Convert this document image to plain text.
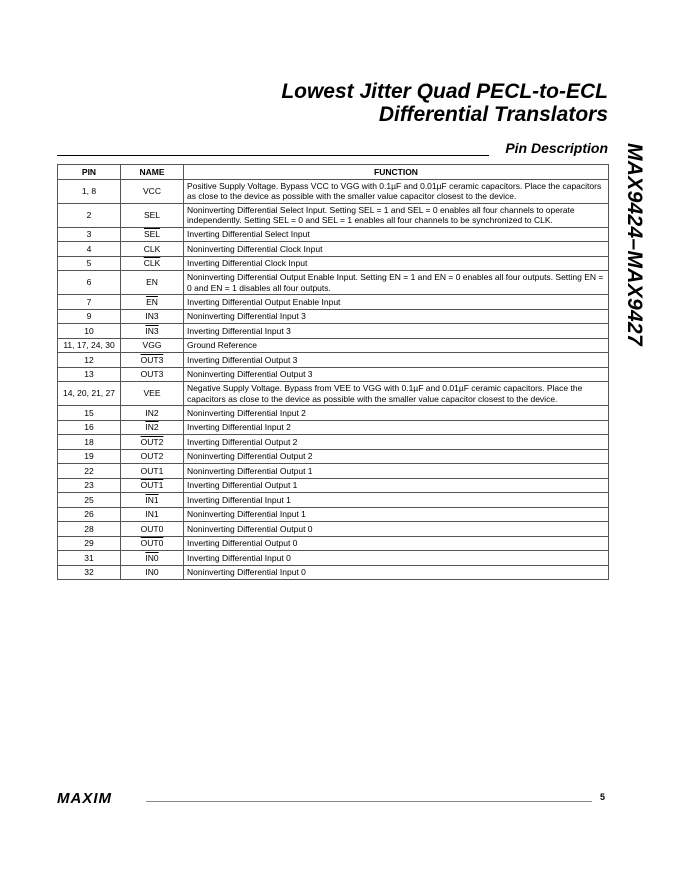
Lowest Jitter Quad PECL-to-ECL
Differential Translators
Pin Description MAX9424–MAX9427
PIN	NAME	FUNCTION
1, 8	VCC	Positive Supply Voltage. Bypass VCC to VGG with 0.1µF and 0.01µF ceramic capacitors. Place the capacitors as close to the device as possible with the smaller value capacitor closest to the device.
2	SEL	Noninverting Differential Select Input. Setting SEL = 1 and SEL = 0 enables all four channels to operate independently. Setting SEL = 0 and SEL = 1 enables all four channels to be synchronized to CLK.
3	$\overline{SEL}$	Inverting Differential Select Input
4	CLK	Noninverting Differential Clock Input
5	$\overline{CLK}$	Inverting Differential Clock Input
6	EN	Noninverting Differential Output Enable Input. Setting EN = 1 and EN = 0 enables all four outputs. Setting EN = 0 and EN = 1 disables all four outputs.
7	$\overline{EN}$	Inverting Differential Output Enable Input
9	IN3	Noninverting Differential Input 3
10	IN3	Inverting Differential Input 3
11, 17, 24, 30	VGG	Ground Reference
12	OUT3	Inverting Differential Output 3
13	OUT3	Noninverting Differential Output 3
14, 20, 21, 27	VEE	Negative Supply Voltage. Bypass from VEE to VGG with 0.1µF and 0.01µF ceramic capacitors. Place the capacitors as close to the device as possible with the smaller value capacitor closest to the device.
15	IN2	Noninverting Differential Input 2
16	IN2	Inverting Differential Input 2
18	OUT2	Inverting Differential Output 2
19	OUT2	Noninverting Differential Output 2
22	OUT1	Noninverting Differential Output 1
23	OUT1	Inverting Differential Output 1
25	IN1	Inverting Differential Input 1
26	IN1	Noninverting Differential Input 1
28	OUT0	Noninverting Differential Output 0
29	OUT0	Inverting Differential Output 0
31	IN0	Inverting Differential Input 0
32	IN0	Noninverting Differential Input 0
MAXIM	5
